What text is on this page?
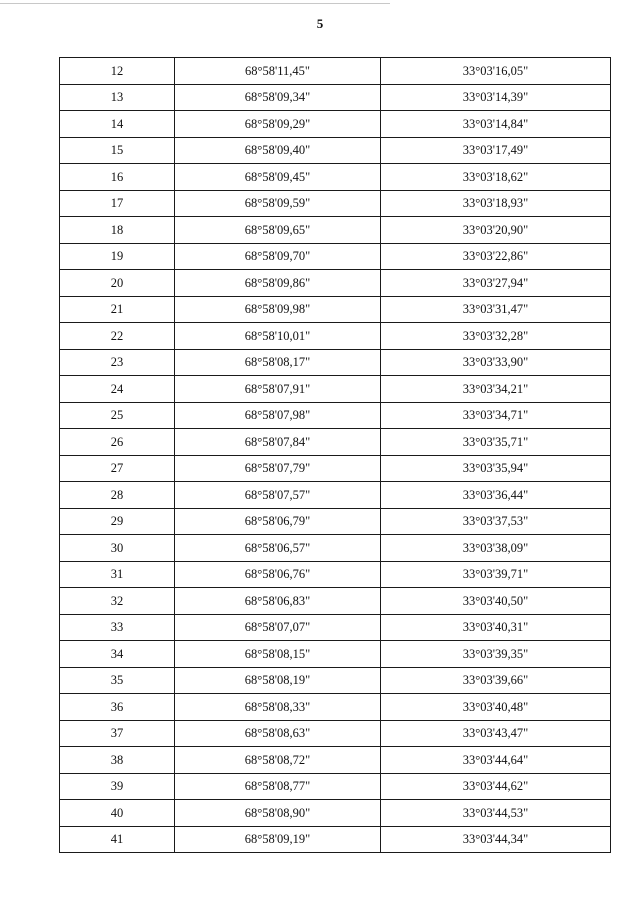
5
12	68°58'11,45"	33°03'16,05"
13	68°58'09,34"	33°03'14,39"
14	68°58'09,29"	33°03'14,84"
15	68°58'09,40"	33°03'17,49"
16	68°58'09,45"	33°03'18,62"
17	68°58'09,59"	33°03'18,93"
18	68°58'09,65"	33°03'20,90"
19	68°58'09,70"	33°03'22,86"
20	68°58'09,86"	33°03'27,94"
21	68°58'09,98"	33°03'31,47"
22	68°58'10,01"	33°03'32,28"
23	68°58'08,17"	33°03'33,90"
24	68°58'07,91"	33°03'34,21"
25	68°58'07,98"	33°03'34,71"
26	68°58'07,84"	33°03'35,71"
27	68°58'07,79"	33°03'35,94"
28	68°58'07,57"	33°03'36,44"
29	68°58'06,79"	33°03'37,53"
30	68°58'06,57"	33°03'38,09"
31	68°58'06,76"	33°03'39,71"
32	68°58'06,83"	33°03'40,50"
33	68°58'07,07"	33°03'40,31"
34	68°58'08,15"	33°03'39,35"
35	68°58'08,19"	33°03'39,66"
36	68°58'08,33"	33°03'40,48"
37	68°58'08,63"	33°03'43,47"
38	68°58'08,72"	33°03'44,64"
39	68°58'08,77"	33°03'44,62"
40	68°58'08,90"	33°03'44,53"
41	68°58'09,19"	33°03'44,34"
